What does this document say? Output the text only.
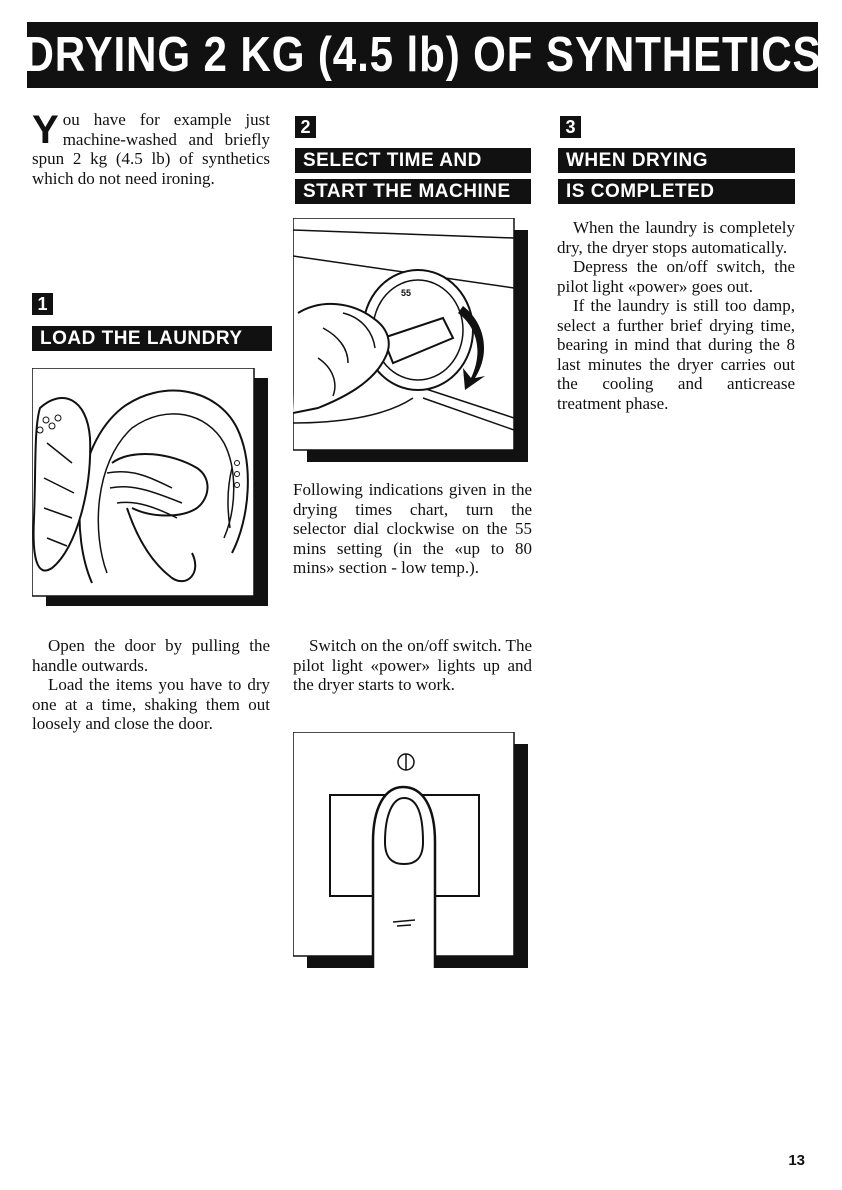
DRYING 2 KG (4.5 lb) OF SYNTHETICS

You have for example just machine-washed and briefly spun 2 kg (4.5 lb) of synthetics which do not need ironing.

1
LOAD THE LAUNDRY

Open the door by pulling the handle outwards.

Load the items you have to dry one at a time, shaking them out loosely and close the door.

2
SELECT TIME AND
START THE MACHINE
55

Following indications given in the drying times chart, turn the selector dial clockwise on the 55 mins setting (in the «up to 80 mins» section - low temp.).

Switch on the on/off switch. The pilot light «power» lights up and the dryer starts to work.

3
WHEN DRYING
IS COMPLETED

When the laundry is completely dry, the dryer stops automatically.

Depress the on/off switch, the pilot light «power» goes out.

If the laundry is still too damp, select a further brief drying time, bearing in mind that during the 8 last minutes the dryer carries out the cooling and anticrease treatment phase.

13
